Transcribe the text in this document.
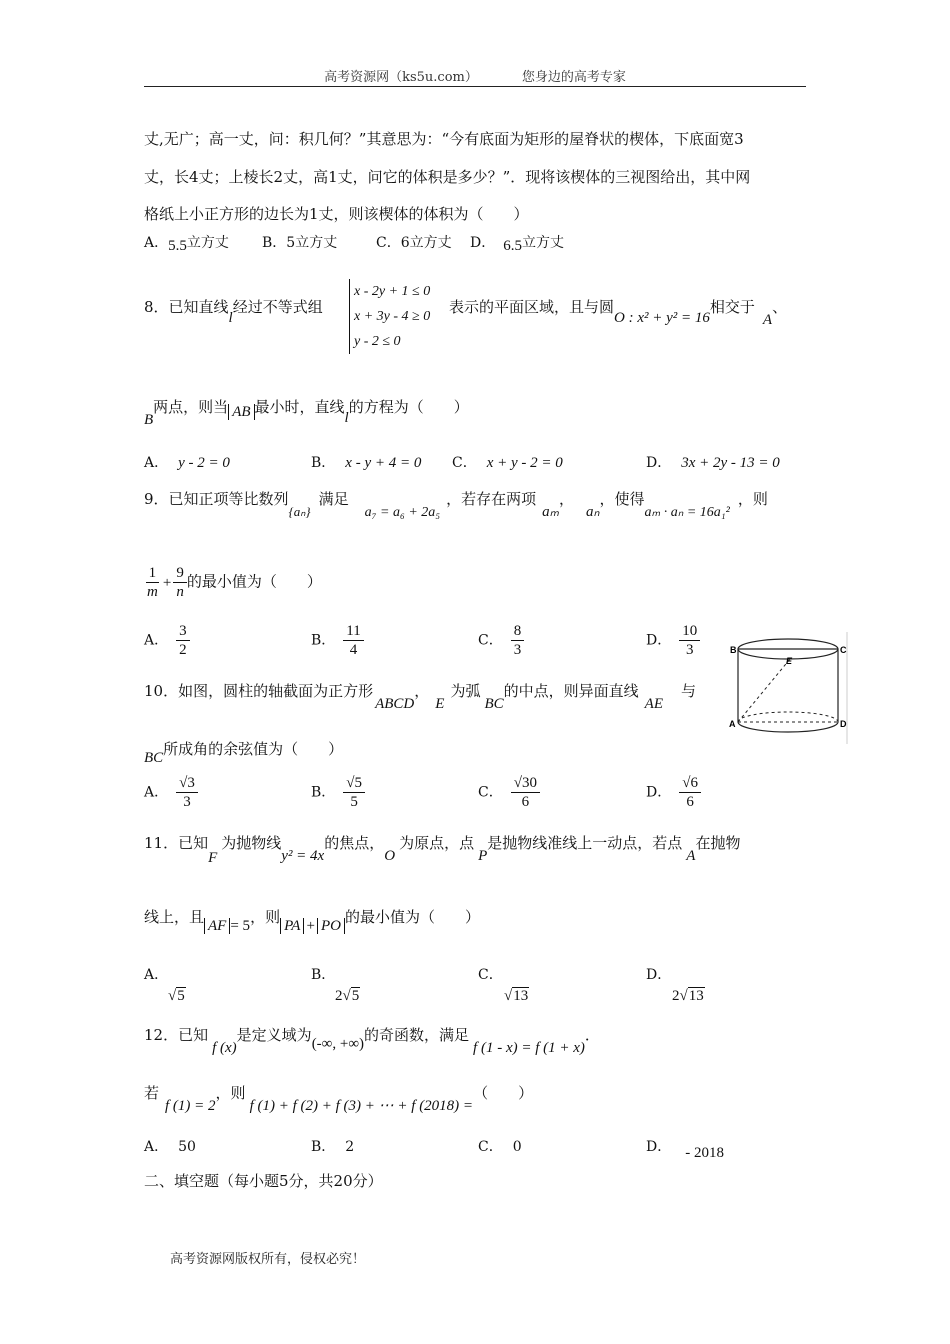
高考资源网（ks5u.com）	您身边的高考专家
丈,无广；高一丈，问：积几何？”其意思为：“今有底面为矩形的屋脊状的楔体，下底面宽3
丈，长4丈；上棱长2丈，高1丈，问它的体积是多少？”．现将该楔体的三视图给出，其中网
格纸上小正方形的边长为1丈，则该楔体的体积为（　　）
A．5.5立方丈 B．5立方丈	C．6立方丈 D． 6.5立方丈
8．已知直线l经过不等式组
x - 2y + 1 ≤ 0
x + 3y - 4 ≥ 0
y - 2 ≤ 0
表示的平面区域，且与圆O : x² + y² = 16相交于A、
B两点，则当 AB 最小时，直线l的方程为（　　）
A． y - 2 = 0	B． x - y + 4 = 0 C． x + y - 2 = 0	D． 3x + 2y - 13 = 0
9．已知正项等比数列{aₙ}满足a₇ = a₆ + 2a₅，若存在两项aₘ，aₙ，使得aₘ · aₙ = 16a₁²，则
$\frac{1}{m} + \frac{9}{n}$ 的最小值为（　　）
A． $\frac{3}{2}$	B． $\frac{11}{4}$	C． $\frac{8}{3}$	D． $\frac{10}{3}$
10．如图，圆柱的轴截面为正方形ABCD，E为弧BC的中点，则异面直线AE与
BC所成角的余弦值为（　　）
B	C
E
A	D
A． $\frac{√3}{3}$	B． $\frac{√5}{5}$	C． $\frac{√30}{6}$	D． $\frac{√6}{6}$
11．已知F为抛物线y² = 4x的焦点，O为原点，点P是抛物线准线上一动点，若点A在抛物
线上，且 AF = 5，则 PA + PO 的最小值为（　　）
A．
√5
B．
2√5
C．
√13
D．
2√13
12．已知f (x)是定义域为(-∞, +∞)的奇函数，满足f (1 - x) = f (1 + x)．
若f (1) = 2，则f (1) + f (2) + f (3) + ⋯ + f (2018) =（　　）
A． 50	B． 2	C． 0	D． - 2018
二、填空题（每小题5分，共20分）
高考资源网版权所有，侵权必究！
